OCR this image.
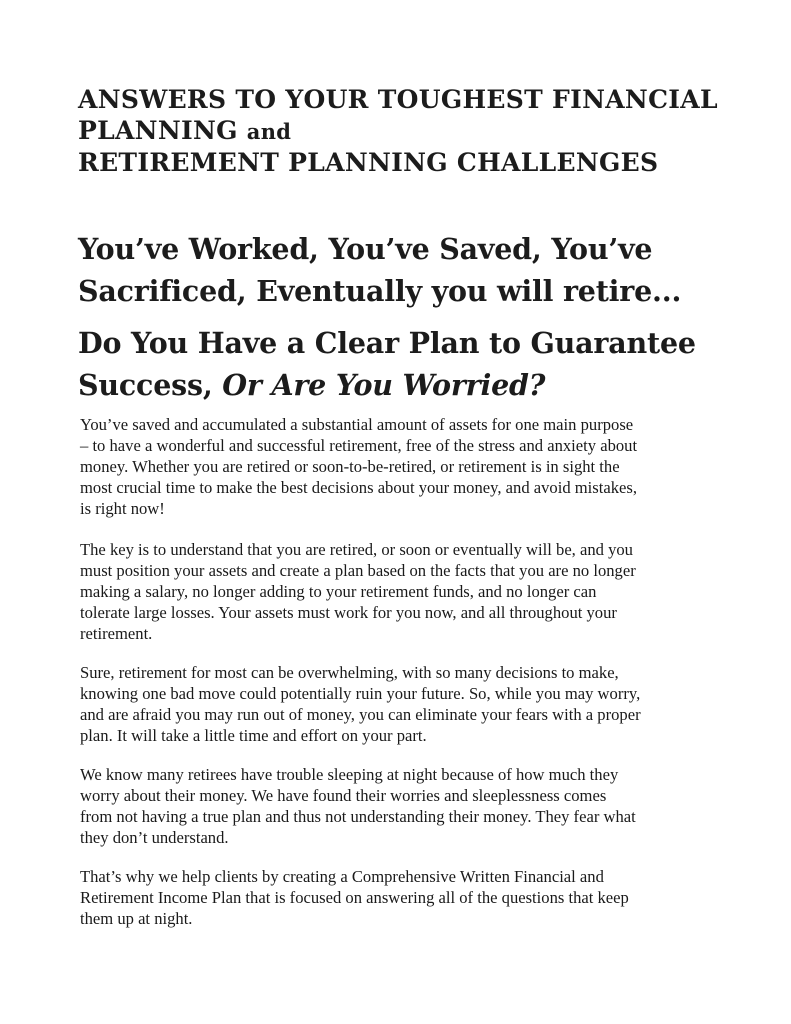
ANSWERS TO YOUR TOUGHEST FINANCIAL
PLANNING and
RETIREMENT PLANNING CHALLENGES
You’ve Worked, You’ve Saved, You’ve
Sacrificed, Eventually you will retire...
Do You Have a Clear Plan to Guarantee
Success, Or Are You Worried?
You’ve saved and accumulated a substantial amount of assets for one main purpose
– to have a wonderful and successful retirement, free of the stress and anxiety about
money. Whether you are retired or soon-to-be-retired, or retirement is in sight the
most crucial time to make the best decisions about your money, and avoid mistakes,
is right now!
The key is to understand that you are retired, or soon or eventually will be, and you
must position your assets and create a plan based on the facts that you are no longer
making a salary, no longer adding to your retirement funds, and no longer can
tolerate large losses. Your assets must work for you now, and all throughout your
retirement.
Sure, retirement for most can be overwhelming, with so many decisions to make,
knowing one bad move could potentially ruin your future. So, while you may worry,
and are afraid you may run out of money, you can eliminate your fears with a proper
plan. It will take a little time and effort on your part.
We know many retirees have trouble sleeping at night because of how much they
worry about their money. We have found their worries and sleeplessness comes
from not having a true plan and thus not understanding their money. They fear what
they don’t understand.
That’s why we help clients by creating a Comprehensive Written Financial and
Retirement Income Plan that is focused on answering all of the questions that keep
them up at night.
